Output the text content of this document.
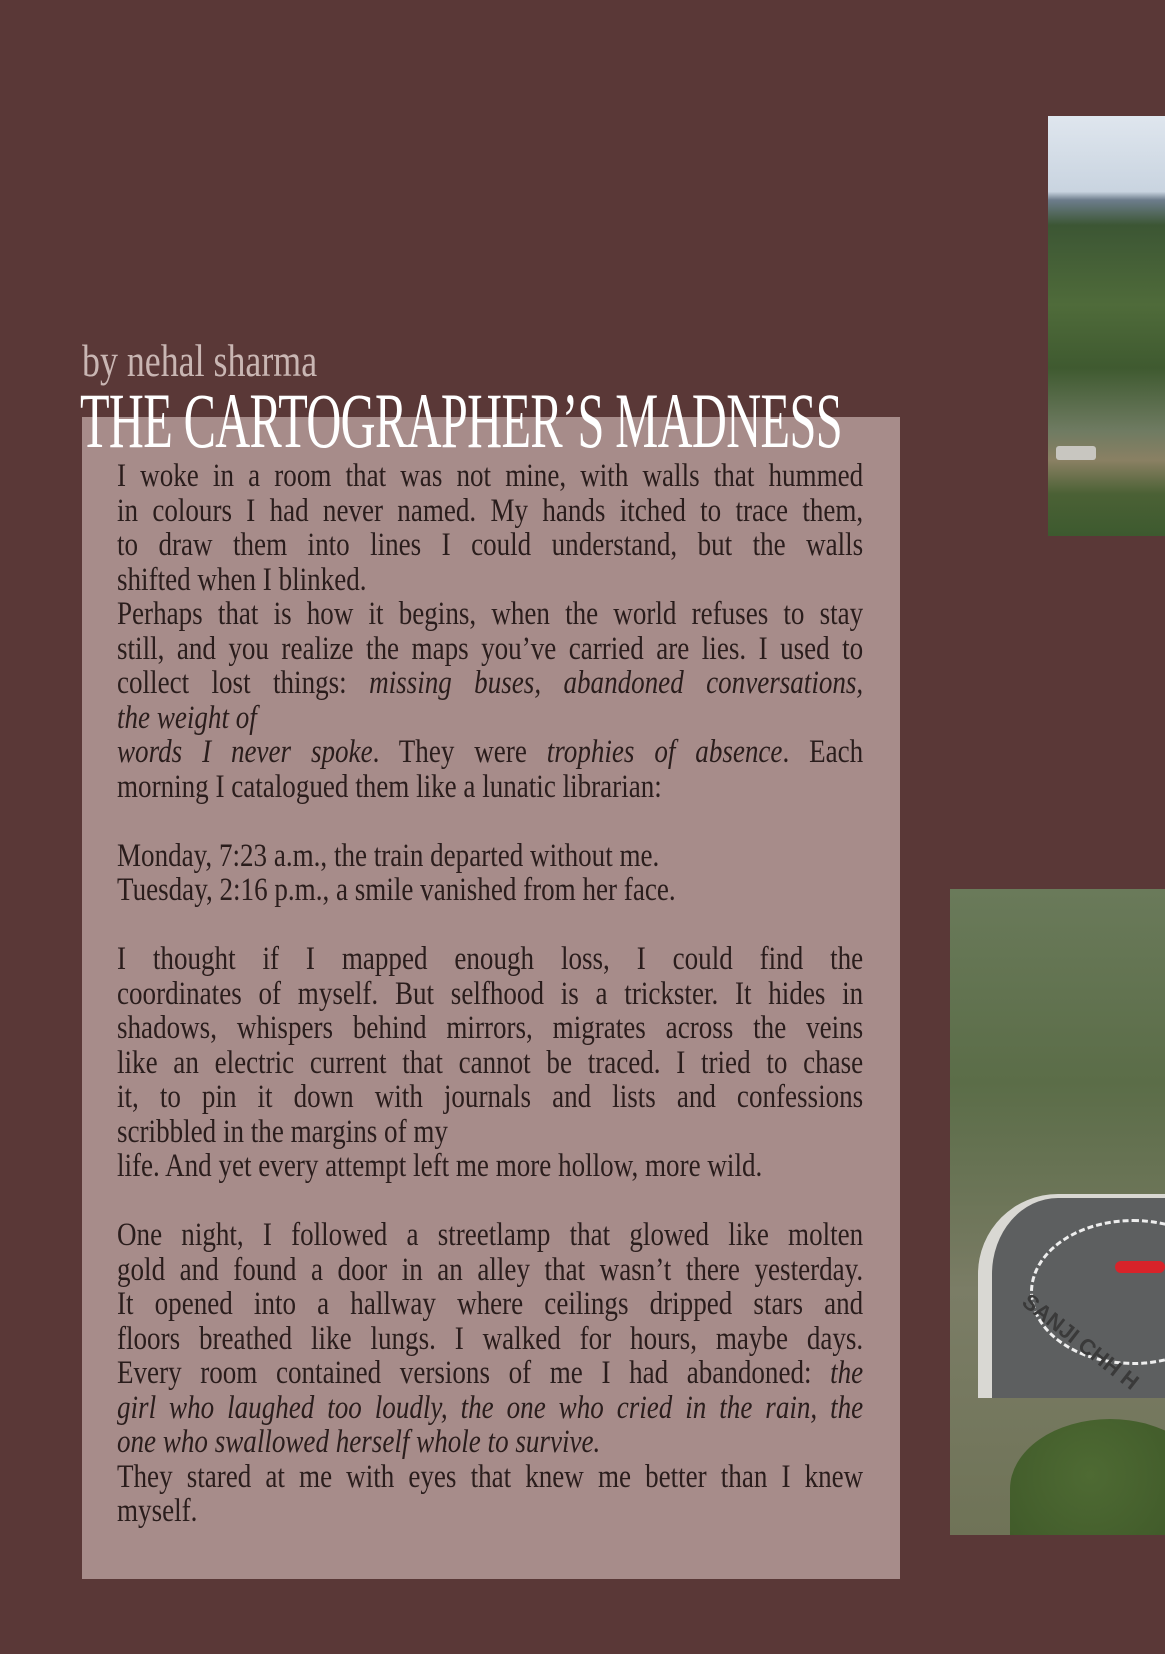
SANJI CHH H
by nehal sharma
THE CARTOGRAPHER’S MADNESS
I woke in a room that was not mine, with walls that hummed
in colours I had never named. My hands itched to trace them,
to draw them into lines I could understand, but the walls
shifted when I blinked.
Perhaps that is how it begins, when the world refuses to stay
still, and you realize the maps you’ve carried are lies. I used to
collect lost things: missing buses, abandoned conversations,
the weight of
words I never spoke. They were trophies of absence. Each
morning I catalogued them like a lunatic librarian:

Monday, 7:23 a.m., the train departed without me.
Tuesday, 2:16 p.m., a smile vanished from her face.

I thought if I mapped enough loss, I could find the
coordinates of myself. But selfhood is a trickster. It hides in
shadows, whispers behind mirrors, migrates across the veins
like an electric current that cannot be traced. I tried to chase
it, to pin it down with journals and lists and confessions
scribbled in the margins of my
life. And yet every attempt left me more hollow, more wild.

One night, I followed a streetlamp that glowed like molten
gold and found a door in an alley that wasn’t there yesterday.
It opened into a hallway where ceilings dripped stars and
floors breathed like lungs. I walked for hours, maybe days.
Every room contained versions of me I had abandoned: the
girl who laughed too loudly, the one who cried in the rain, the
one who swallowed herself whole to survive.
They stared at me with eyes that knew me better than I knew
myself.
